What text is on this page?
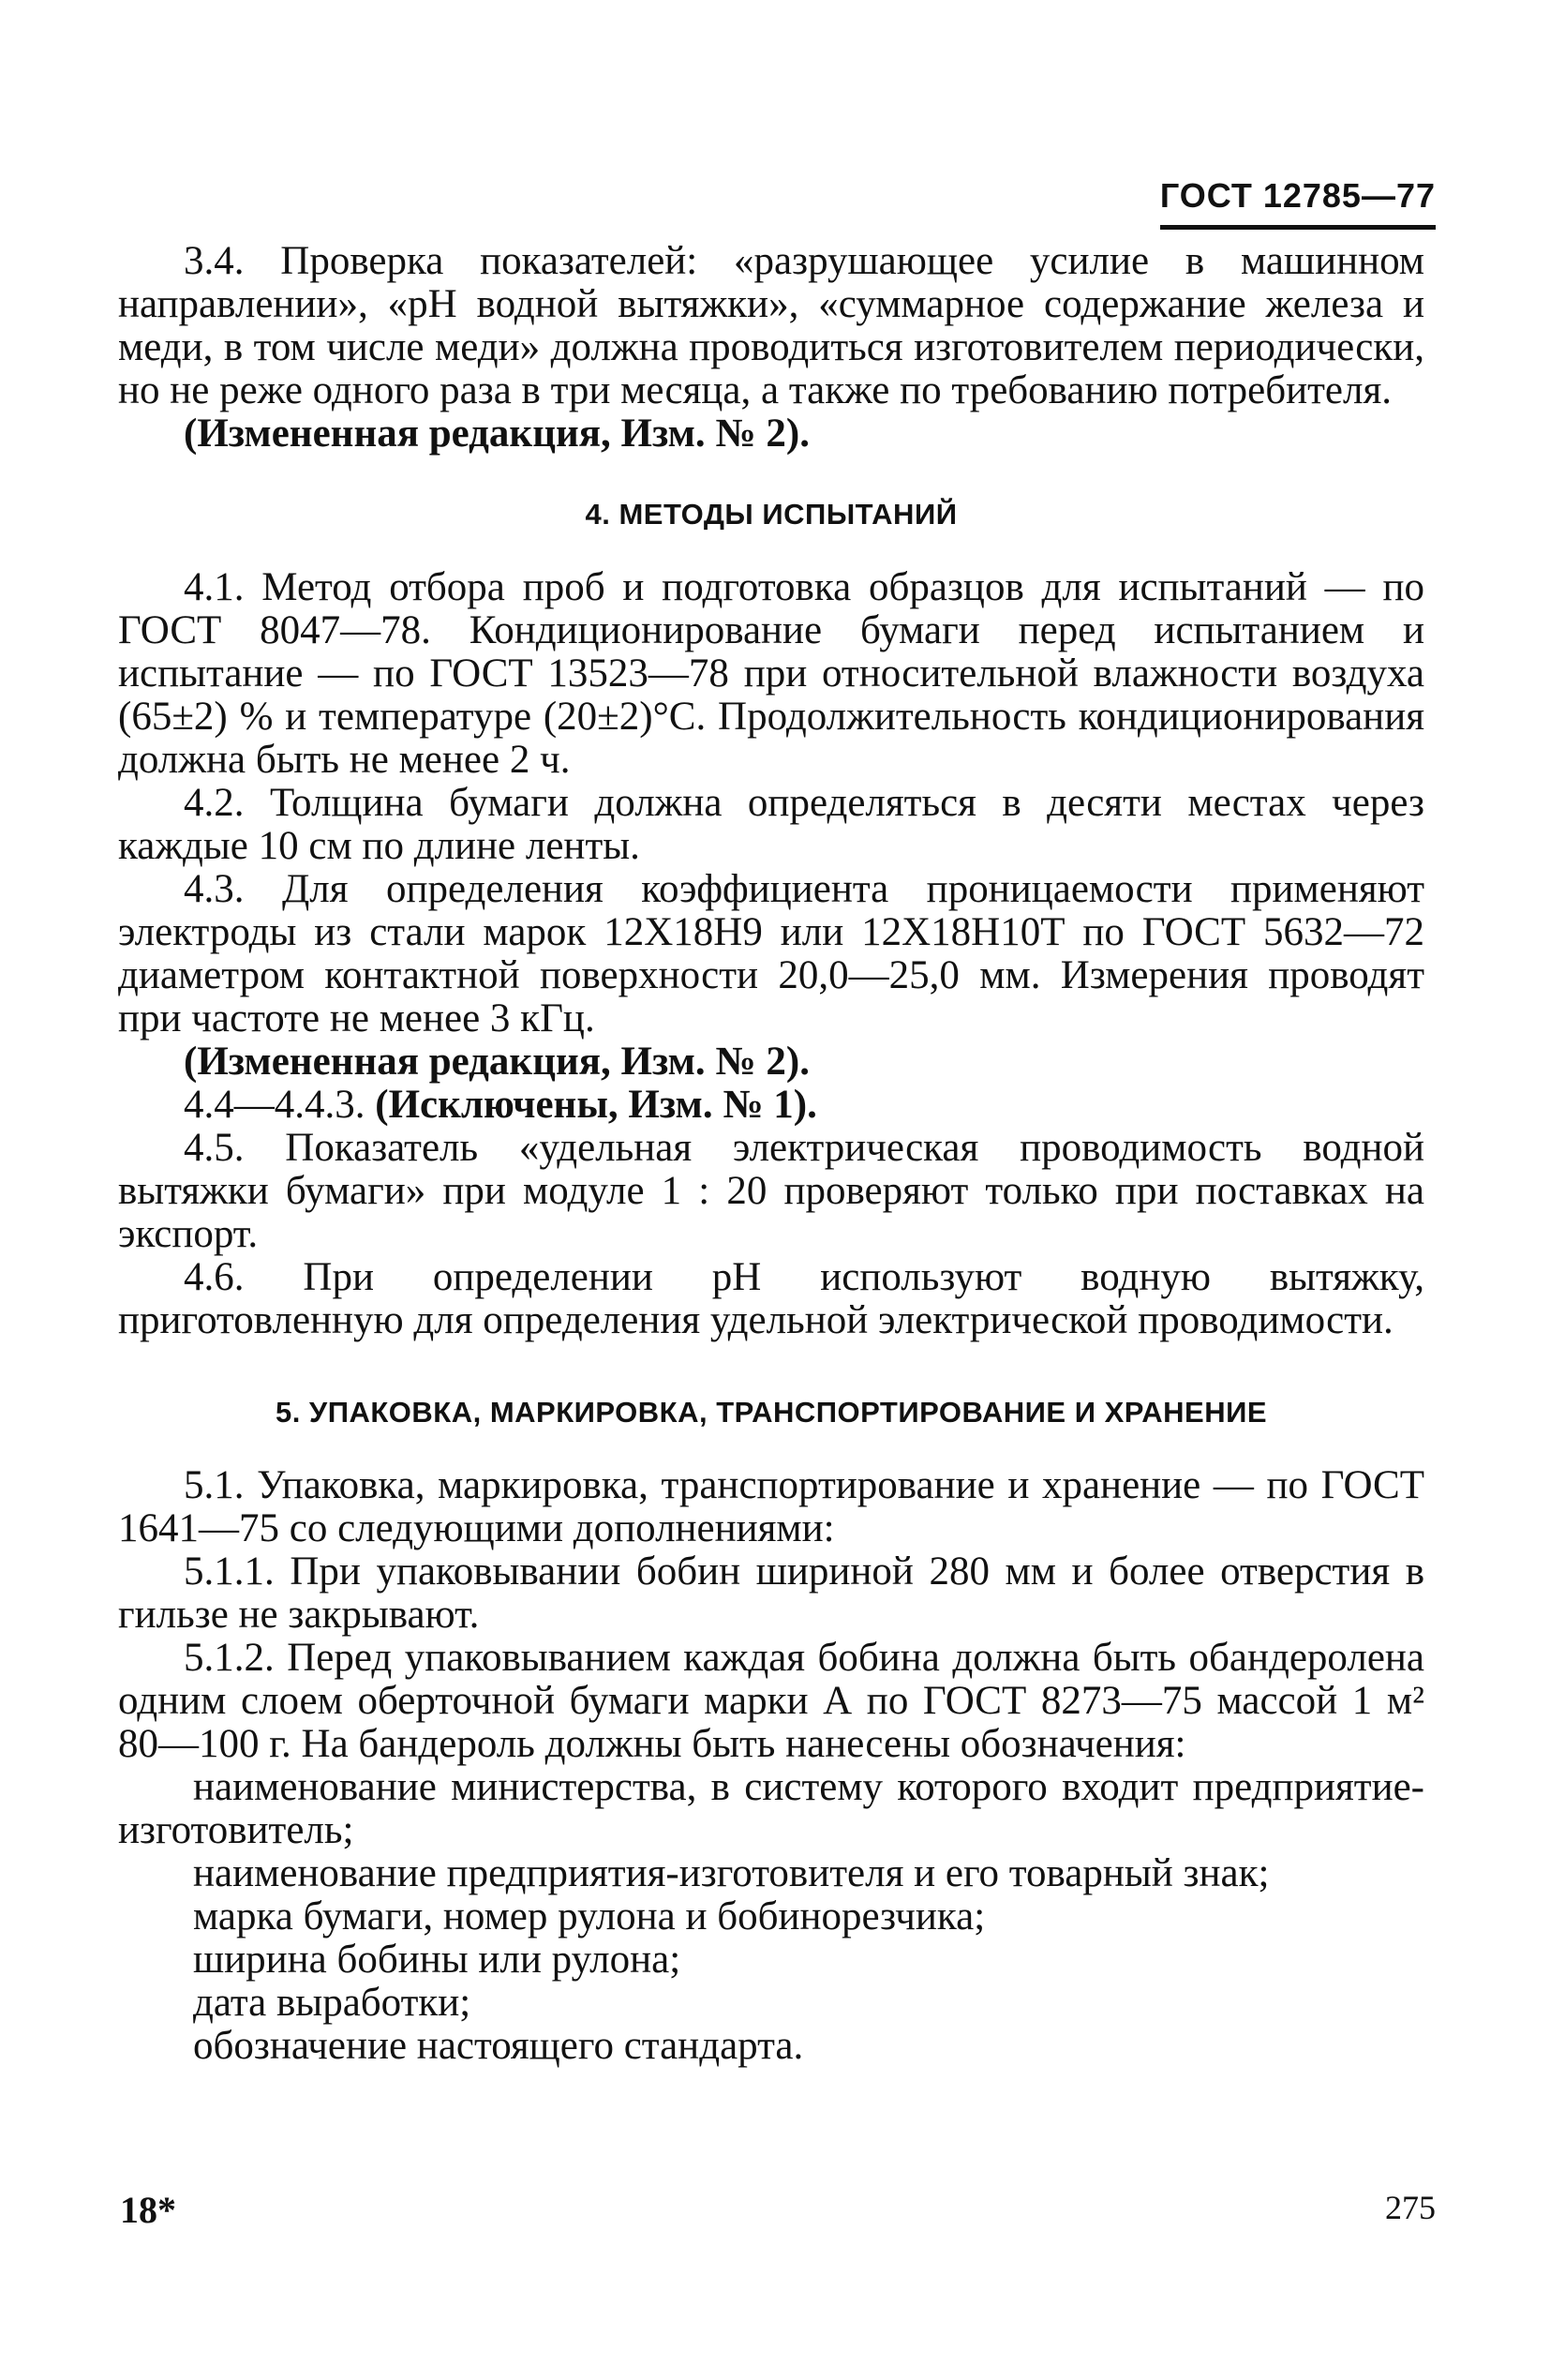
ГОСТ 12785—77

3.4. Проверка показателей: «разрушающее усилие в машинном направлении», «pH водной вытяжки», «суммарное содержание железа и меди, в том числе меди» должна проводиться изготовителем периодически, но не реже одного раза в три месяца, а также по требованию потребителя.

(Измененная редакция, Изм. № 2).

4. МЕТОДЫ ИСПЫТАНИЙ

4.1. Метод отбора проб и подготовка образцов для испытаний — по ГОСТ 8047—78. Кондиционирование бумаги перед испытанием и испытание — по ГОСТ 13523—78 при относительной влажности воздуха (65±2) % и температуре (20±2)°С. Продолжительность кондиционирования должна быть не менее 2 ч.

4.2. Толщина бумаги должна определяться в десяти местах через каждые 10 см по длине ленты.

4.3. Для определения коэффициента проницаемости применяют электроды из стали марок 12Х18Н9 или 12Х18Н10Т по ГОСТ 5632—72 диаметром контактной поверхности 20,0—25,0 мм. Измерения проводят при частоте не менее 3 кГц.

(Измененная редакция, Изм. № 2).

4.4—4.4.3. (Исключены, Изм. № 1).

4.5. Показатель «удельная электрическая проводимость водной вытяжки бумаги» при модуле 1 : 20 проверяют только при поставках на экспорт.

4.6. При определении pH используют водную вытяжку, приготовленную для определения удельной электрической проводимости.

5. УПАКОВКА, МАРКИРОВКА, ТРАНСПОРТИРОВАНИЕ И ХРАНЕНИЕ

5.1. Упаковка, маркировка, транспортирование и хранение — по ГОСТ 1641—75 со следующими дополнениями:

5.1.1. При упаковывании бобин шириной 280 мм и более отверстия в гильзе не закрывают.

5.1.2. Перед упаковыванием каждая бобина должна быть обандеролена одним слоем оберточной бумаги марки А по ГОСТ 8273—75 массой 1 м² 80—100 г. На бандероль должны быть нанесены обозначения:

наименование министерства, в систему которого входит предприятие-изготовитель;

наименование предприятия-изготовителя и его товарный знак;

марка бумаги, номер рулона и бобинорезчика;

ширина бобины или рулона;

дата выработки;

обозначение настоящего стандарта.

18*	275
